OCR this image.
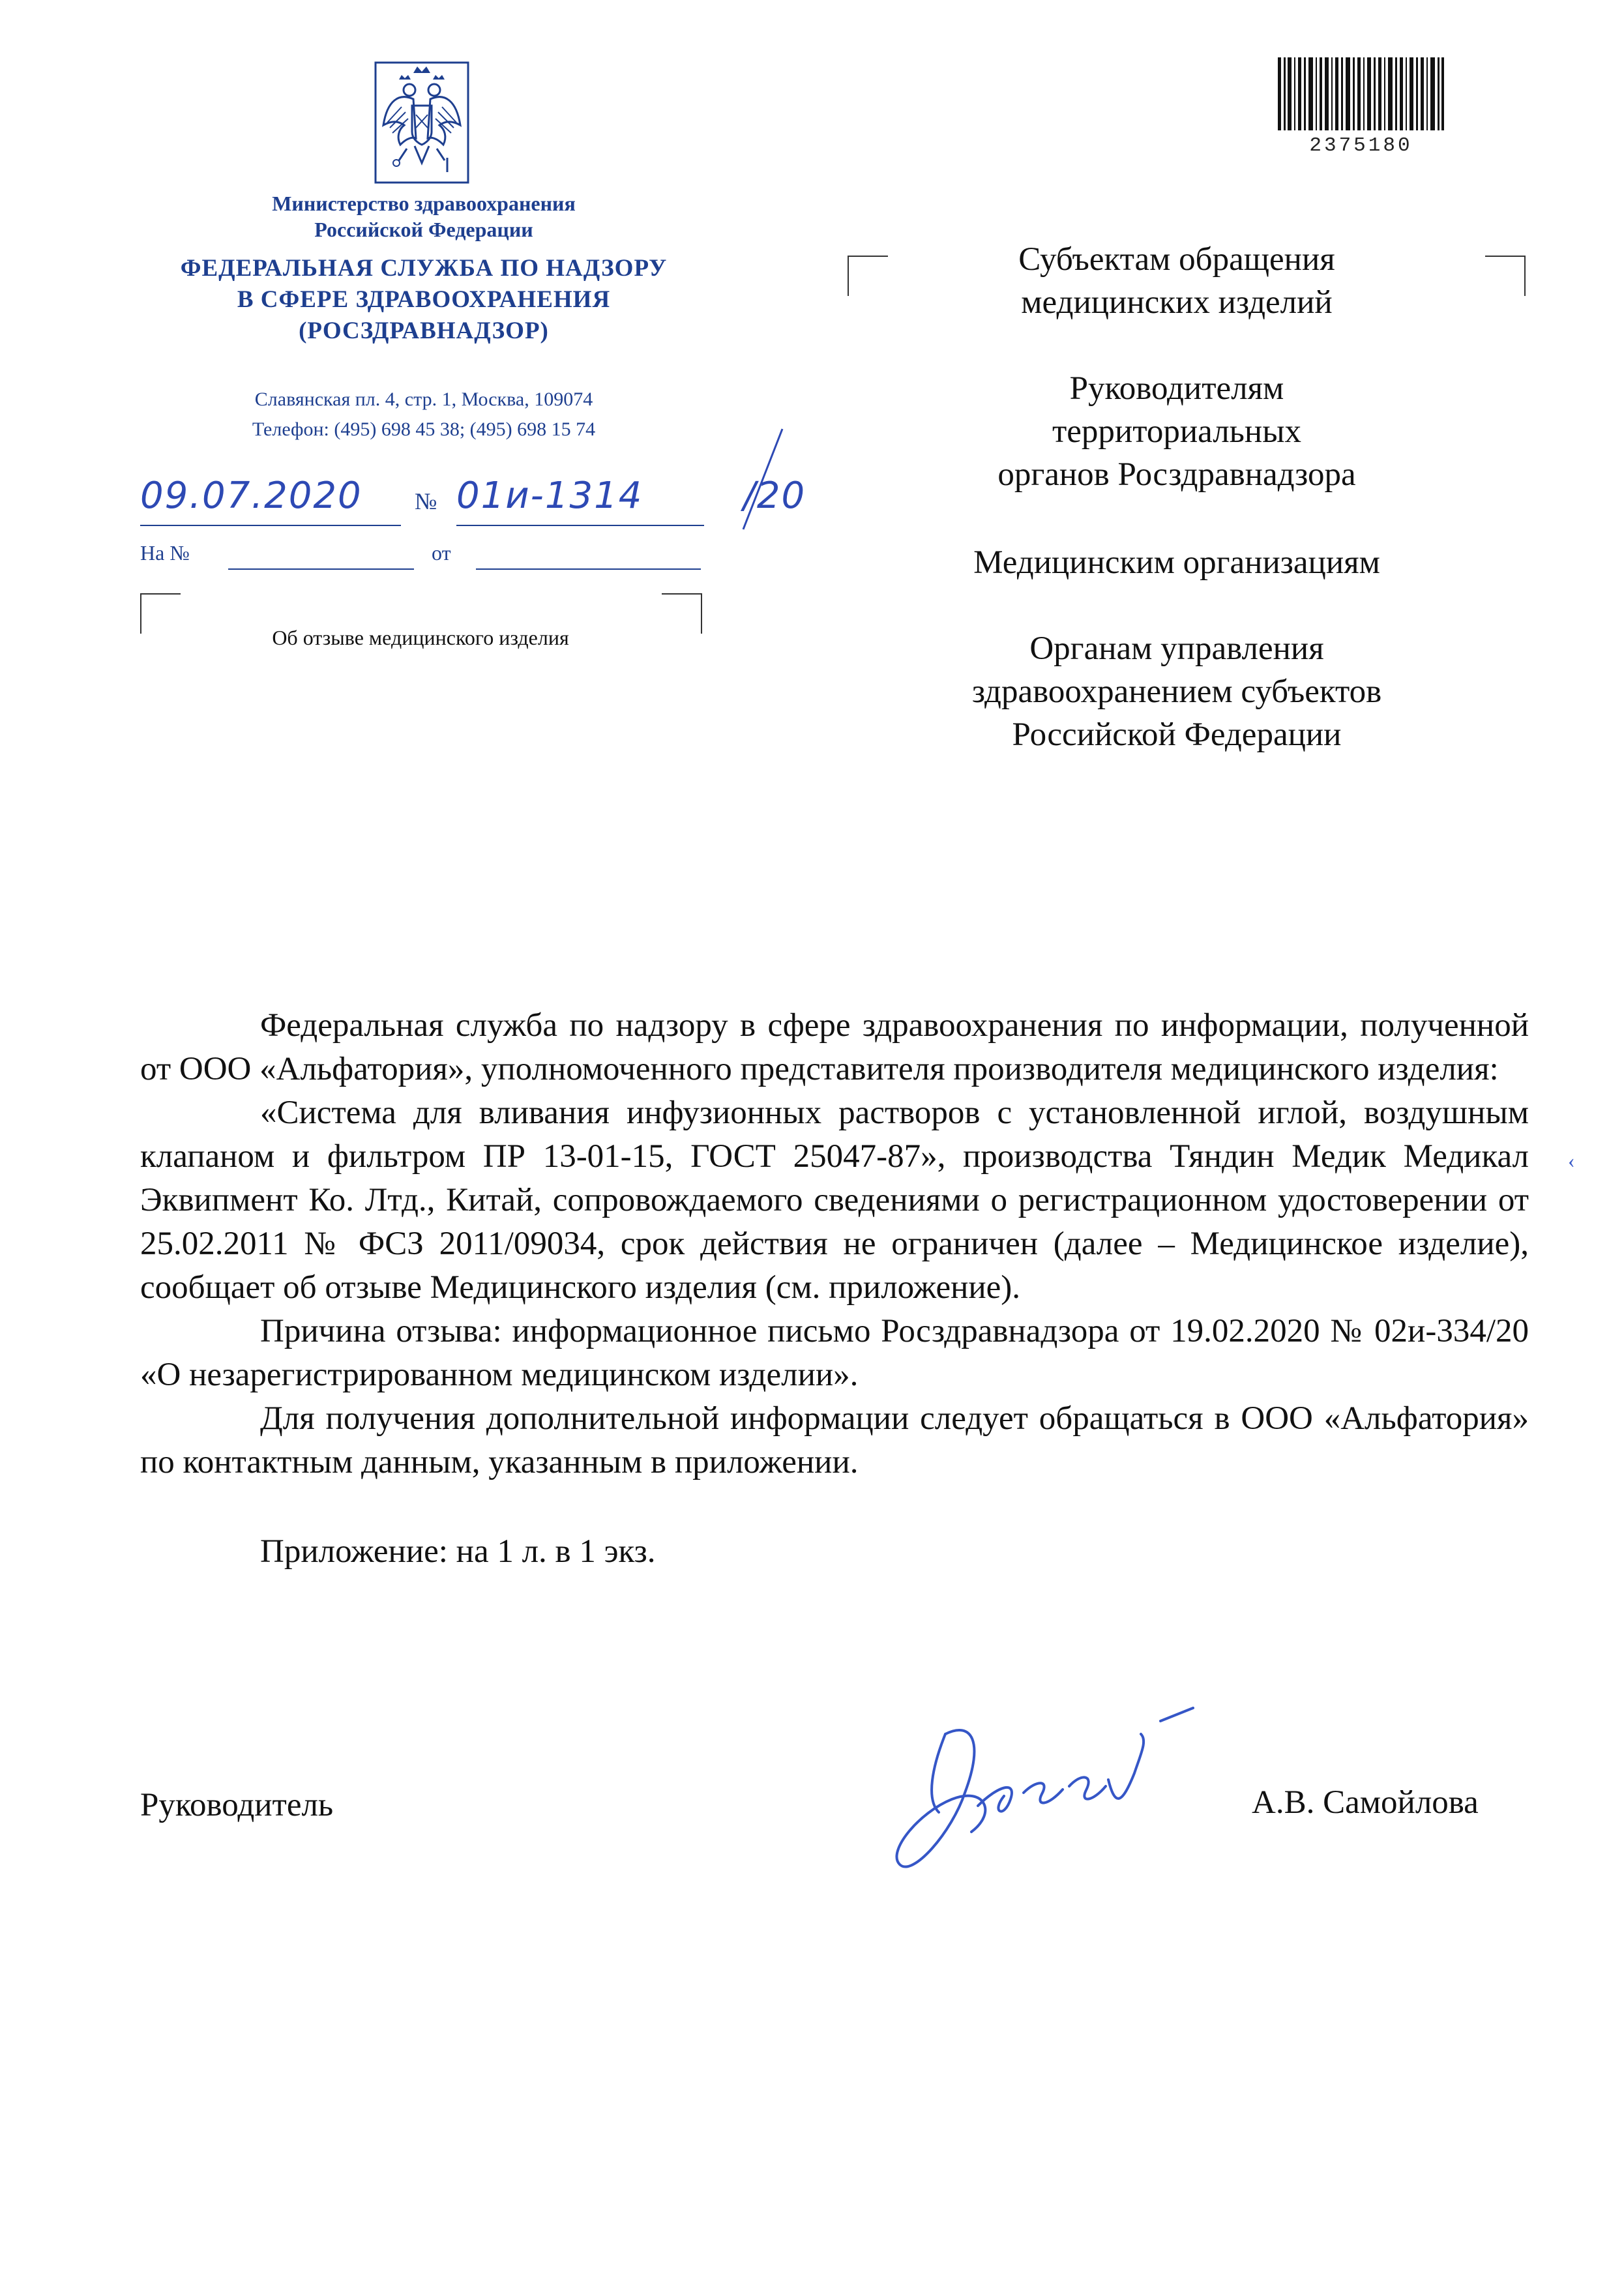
Министерство здравоохранения
Российской Федерации
ФЕДЕРАЛЬНАЯ СЛУЖБА ПО НАДЗОРУ
В СФЕРЕ ЗДРАВООХРАНЕНИЯ
(РОСЗДРАВНАДЗОР)
Славянская пл. 4, стр. 1, Москва, 109074
Телефон: (495) 698 45 38; (495) 698 15 74
09.07.2020 № 01и-1314	/20
На №	от
Об отзыве медицинского изделия
2375180
Субъектам обращения
медицинских изделий
Руководителям
территориальных
органов Росздравнадзора
Медицинским организациям
Органам управления
здравоохранением субъектов
Российской Федерации

Федеральная служба по надзору в сфере здравоохранения по информации, полученной от ООО «Альфатория», уполномоченного представителя производителя медицинского изделия:

«Система для вливания инфузионных растворов с установленной иглой, воздушным клапаном и фильтром ПР 13-01-15, ГОСТ 25047-87», производства Тяндин Медик Медикал Эквипмент Ко. Лтд., Китай, сопровождаемого сведениями о регистрационном удостоверении от 25.02.2011 № ФСЗ 2011/09034, срок действия не ограничен (далее – Медицинское изделие), сообщает об отзыве Медицинского изделия (см. приложение).

Причина отзыва: информационное письмо Росздравнадзора от 19.02.2020 № 02и-334/20 «О незарегистрированном медицинском изделии».

Для получения дополнительной информации следует обращаться в ООО «Альфатория» по контактным данным, указанным в приложении.

Приложение: на 1 л. в 1 экз.

‹
Руководитель	А.В. Самойлова
